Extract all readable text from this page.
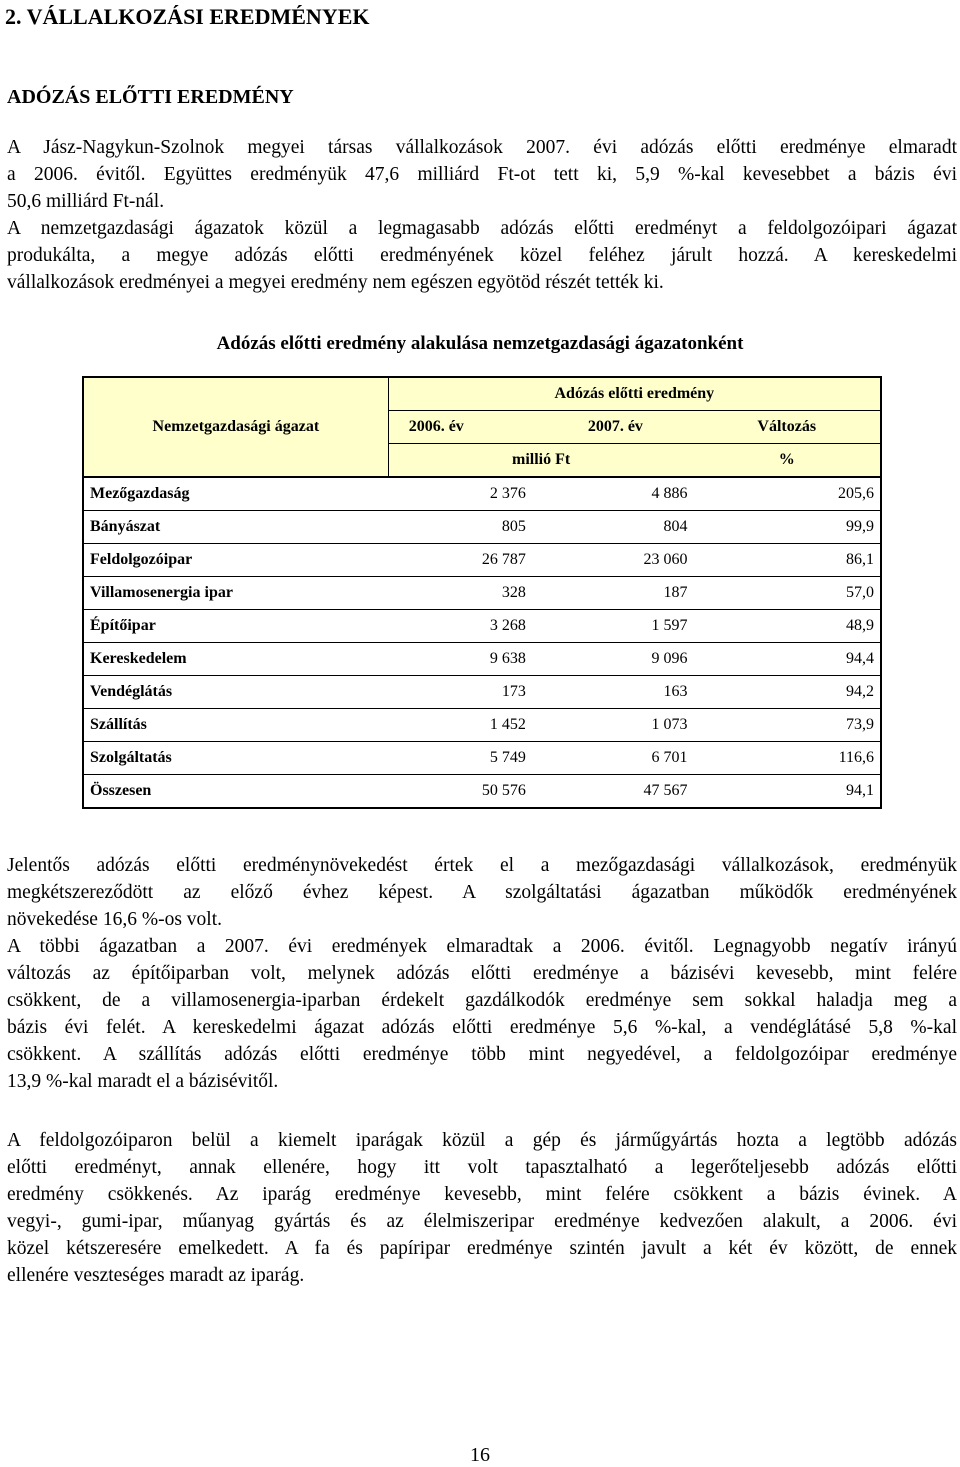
2. VÁLLALKOZÁSI EREDMÉNYEK
ADÓZÁS ELŐTTI EREDMÉNY
A Jász-Nagykun-Szolnok megyei társas vállalkozások 2007. évi adózás előtti eredménye elmaradt
a 2006. évitől. Együttes eredményük 47,6 milliárd Ft-ot tett ki, 5,9 %-kal kevesebbet a bázis évi
50,6 milliárd Ft-nál.
A nemzetgazdasági ágazatok közül a legmagasabb adózás előtti eredményt a feldolgozóipari ágazat
produkálta, a megye adózás előtti eredményének közel feléhez járult hozzá. A kereskedelmi
vállalkozások eredményei a megyei eredmény nem egészen egyötöd részét tették ki.
Adózás előtti eredmény alakulása nemzetgazdasági ágazatonként
Nemzetgazdasági ágazat	Adózás előtti eredmény		
	2006. év	2007. év	Változás
	millió Ft		%
Mezőgazdaság	2 376	4 886	205,6
Bányászat	805	804	99,9
Feldolgozóipar	26 787	23 060	86,1
Villamosenergia ipar	328	187	57,0
Építőipar	3 268	1 597	48,9
Kereskedelem	9 638	9 096	94,4
Vendéglátás	173	163	94,2
Szállítás	1 452	1 073	73,9
Szolgáltatás	5 749	6 701	116,6
Összesen	50 576	47 567	94,1
Jelentős adózás előtti eredménynövekedést értek el a mezőgazdasági vállalkozások, eredményük
megkétszereződött az előző évhez képest. A szolgáltatási ágazatban működők eredményének
növekedése 16,6 %-os volt.
A többi ágazatban a 2007. évi eredmények elmaradtak a 2006. évitől. Legnagyobb negatív irányú
változás az építőiparban volt, melynek adózás előtti eredménye a bázisévi kevesebb, mint felére
csökkent, de a villamosenergia-iparban érdekelt gazdálkodók eredménye sem sokkal haladja meg a
bázis évi felét. A kereskedelmi ágazat adózás előtti eredménye 5,6 %-kal, a vendéglátásé 5,8 %-kal
csökkent. A szállítás adózás előtti eredménye több mint negyedével, a feldolgozóipar eredménye
13,9 %-kal maradt el a bázisévitől.
A feldolgozóiparon belül a kiemelt iparágak közül a gép és járműgyártás hozta a legtöbb adózás
előtti eredményt, annak ellenére, hogy itt volt tapasztalható a legerőteljesebb adózás előtti
eredmény csökkenés. Az iparág eredménye kevesebb, mint felére csökkent a bázis évinek. A
vegyi-, gumi-ipar, műanyag gyártás és az élelmiszeripar eredménye kedvezően alakult, a 2006. évi
közel kétszeresére emelkedett. A fa és papíripar eredménye szintén javult a két év között, de ennek
ellenére veszteséges maradt az iparág.
16
